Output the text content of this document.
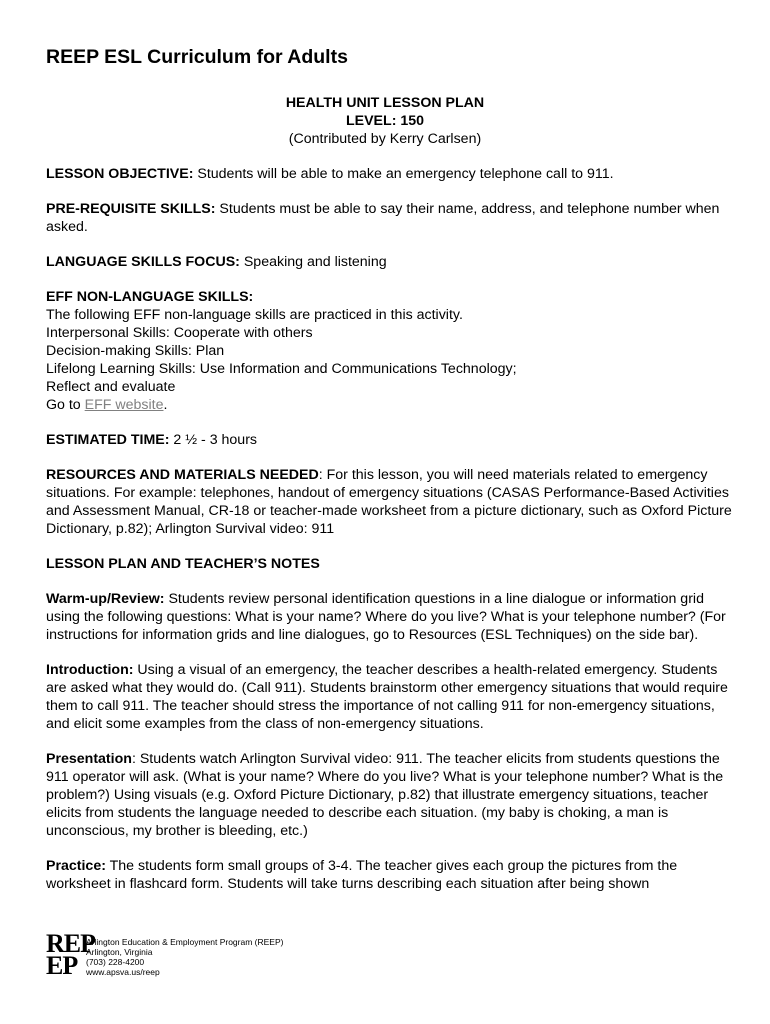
REEP ESL Curriculum for Adults
HEALTH UNIT LESSON PLAN
LEVEL: 150
(Contributed by Kerry Carlsen)

LESSON OBJECTIVE: Students will be able to make an emergency telephone call to 911.

PRE-REQUISITE SKILLS: Students must be able to say their name, address, and telephone number when asked.

LANGUAGE SKILLS FOCUS: Speaking and listening

EFF NON-LANGUAGE SKILLS:
The following EFF non-language skills are practiced in this activity.
Interpersonal Skills: Cooperate with others
Decision-making Skills: Plan
Lifelong Learning Skills: Use Information and Communications Technology;
Reflect and evaluate
Go to EFF website.

ESTIMATED TIME: 2 ½ - 3 hours

RESOURCES AND MATERIALS NEEDED: For this lesson, you will need materials related to emergency situations. For example: telephones, handout of emergency situations (CASAS Performance-Based Activities and Assessment Manual, CR-18 or teacher-made worksheet from a picture dictionary, such as Oxford Picture Dictionary, p.82); Arlington Survival video: 911

LESSON PLAN AND TEACHER’S NOTES

Warm-up/Review: Students review personal identification questions in a line dialogue or information grid using the following questions: What is your name? Where do you live? What is your telephone number? (For instructions for information grids and line dialogues, go to Resources (ESL Techniques) on the side bar).

Introduction: Using a visual of an emergency, the teacher describes a health-related emergency. Students are asked what they would do. (Call 911). Students brainstorm other emergency situations that would require them to call 911. The teacher should stress the importance of not calling 911 for non-emergency situations, and elicit some examples from the class of non-emergency situations.

Presentation: Students watch Arlington Survival video: 911. The teacher elicits from students questions the 911 operator will ask. (What is your name? Where do you live? What is your telephone number? What is the problem?) Using visuals (e.g. Oxford Picture Dictionary, p.82) that illustrate emergency situations, teacher elicits from students the language needed to describe each situation. (my baby is choking, a man is unconscious, my brother is bleeding, etc.)

Practice: The students form small groups of 3-4. The teacher gives each group the pictures from the worksheet in flashcard form. Students will take turns describing each situation after being shown

REP
EP
Arlington Education & Employment Program (REEP)
Arlington, Virginia
(703) 228-4200
www.apsva.us/reep
